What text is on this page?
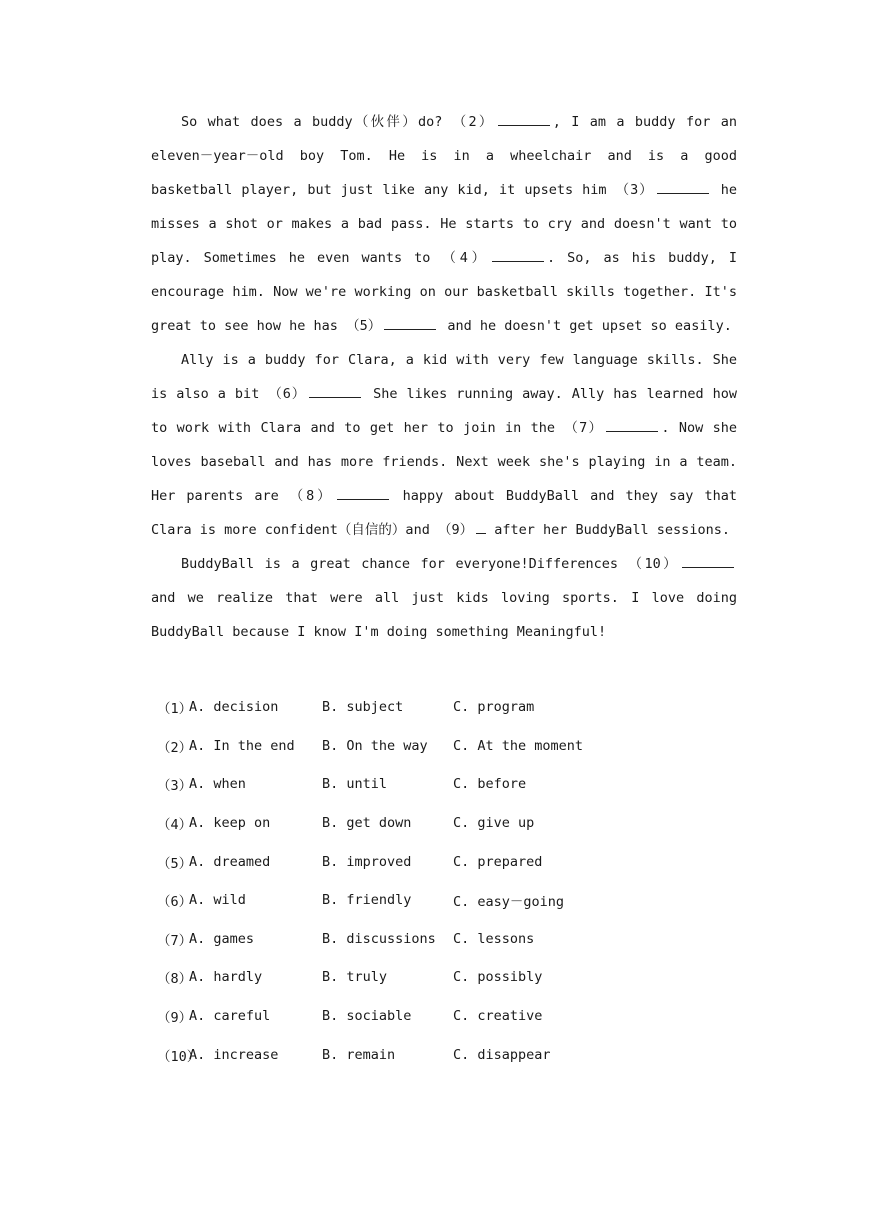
So what does a buddy（伙伴）do? （2）	, I am a buddy for an eleven－year－old boy Tom. He is in a wheelchair and is a good basketball player, but just like any kid, it upsets him （3）	he misses a shot or makes a bad pass. He starts to cry and doesn't want to play. Sometimes he even wants to （4）	. So, as his buddy, I encourage him. Now we're working on our basketball skills together. It's great to see how he has （5）	and he doesn't get upset so easily.

Ally is a buddy for Clara, a kid with very few language skills. She is also a bit （6）	She likes running away. Ally has learned how to work with Clara and to get her to join in the （7）	. Now she loves baseball and has more friends. Next week she's playing in a team. Her parents are （8）	happy about BuddyBall and they say that Clara is more confident（自信的）and （9） after her BuddyBall sessions.

BuddyBall is a great chance for everyone!Differences （10） and we realize that were all just kids loving sports. I love doing BuddyBall because I know I'm doing something Meaningful!

（1）
A. decision	B. subject	C. program
（2）
A. In the end	B. On the way	C. At the moment
（3）
A. when	B. until	C. before
（4）
A. keep on	B. get down	C. give up
（5）
A. dreamed	B. improved	C. prepared
（6）
A. wild	B. friendly	C. easy－going
（7）
A. games	B. discussions	C. lessons
（8）
A. hardly	B. truly	C. possibly
（9）
A. careful	B. sociable	C. creative
（10）
A. increase	B. remain	C. disappear
